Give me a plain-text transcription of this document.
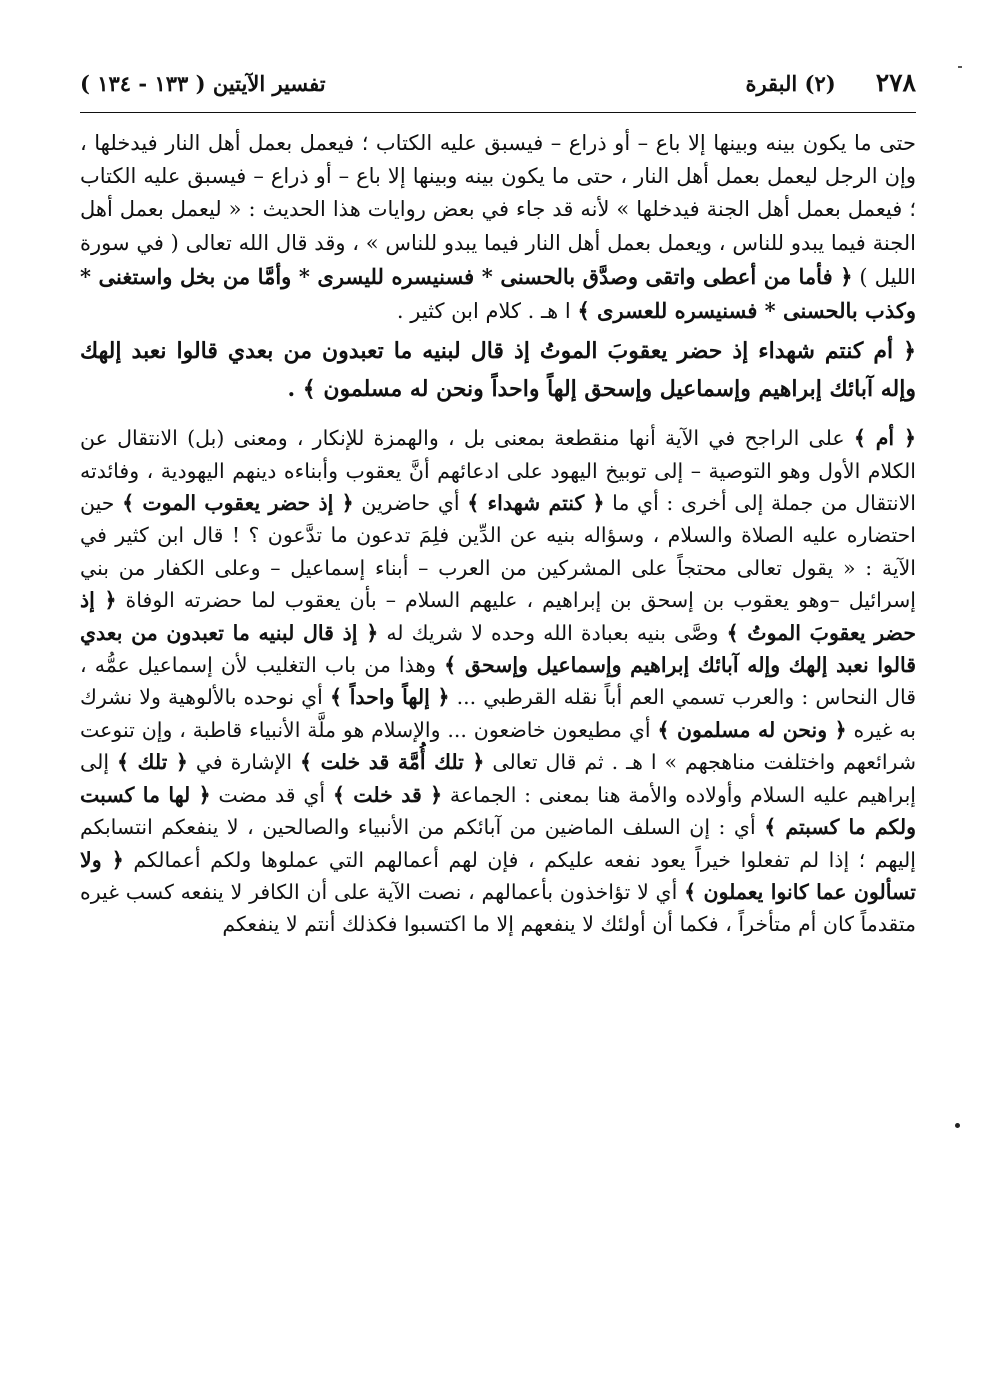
٢٧٨
(٢) البقرة
تفسير الآيتين ( ١٣٣ - ١٣٤ )

حتى ما يكون بينه وبينها إلا باع – أو ذراع – فيسبق عليه الكتاب ؛ فيعمل بعمل أهل النار فيدخلها ، وإن الرجل ليعمل بعمل أهل النار ، حتى ما يكون بينه وبينها إلا باع – أو ذراع – فيسبق عليه الكتاب ؛ فيعمل بعمل أهل الجنة فيدخلها » لأنه قد جاء في بعض روايات هذا الحديث : « ليعمل بعمل أهل الجنة فيما يبدو للناس ، ويعمل بعمل أهل النار فيما يبدو للناس » ، وقد قال الله تعالى ( في سورة الليل ) ﴿ فأما من أعطى واتقى وصدَّق بالحسنى * فسنيسره لليسرى * وأمَّا من بخل واستغنى * وكذب بالحسنى * فسنيسره للعسرى ﴾ ا هـ . كلام ابن كثير .

﴿ أم كنتم شهداء إذ حضر يعقوبَ الموتُ إذ قال لبنيه ما تعبدون من بعدي قالوا نعبد إلهك وإله آبائك إبراهيم وإسماعيل وإسحق إلهاً واحداً ونحن له مسلمون ﴾ .

﴿ أم ﴾ على الراجح في الآية أنها منقطعة بمعنى بل ، والهمزة للإنكار ، ومعنى (بل) الانتقال عن الكلام الأول وهو التوصية – إلى توبيخ اليهود على ادعائهم أنَّ يعقوب وأبناءه دينهم اليهودية ، وفائدته الانتقال من جملة إلى أخرى : أي ما ﴿ كنتم شهداء ﴾ أي حاضرين ﴿ إذ حضر يعقوب الموت ﴾ حين احتضاره عليه الصلاة والسلام ، وسؤاله بنيه عن الدِّين فلِمَ تدعون ما تدَّعون ؟ ! قال ابن كثير في الآية : « يقول تعالى محتجاً على المشركين من العرب – أبناء إسماعيل – وعلى الكفار من بني إسرائيل –وهو يعقوب بن إسحق بن إبراهيم ، عليهم السلام – بأن يعقوب لما حضرته الوفاة ﴿ إذ حضر يعقوبَ الموتُ ﴾ وصَّى بنيه بعبادة الله وحده لا شريك له ﴿ إذ قال لبنيه ما تعبدون من بعدي قالوا نعبد إلهك وإله آبائك إبراهيم وإسماعيل وإسحق ﴾ وهذا من باب التغليب لأن إسماعيل عمُّه ، قال النحاس : والعرب تسمي العم أباً نقله القرطبي ... ﴿ إلهاً واحداً ﴾ أي نوحده بالألوهية ولا نشرك به غيره ﴿ ونحن له مسلمون ﴾ أي مطيعون خاضعون ... والإسلام هو ملَّة الأنبياء قاطبة ، وإن تنوعت شرائعهم واختلفت مناهجهم » ا هـ . ثم قال تعالى ﴿ تلك أُمَّة قد خلت ﴾ الإشارة في ﴿ تلك ﴾ إلى إبراهيم عليه السلام وأولاده والأمة هنا بمعنى : الجماعة ﴿ قد خلت ﴾ أي قد مضت ﴿ لها ما كسبت ولكم ما كسبتم ﴾ أي : إن السلف الماضين من آبائكم من الأنبياء والصالحين ، لا ينفعكم انتسابكم إليهم ؛ إذا لم تفعلوا خيراً يعود نفعه عليكم ، فإن لهم أعمالهم التي عملوها ولكم أعمالكم ﴿ ولا تسألون عما كانوا يعملون ﴾ أي لا تؤاخذون بأعمالهم ، نصت الآية على أن الكافر لا ينفعه كسب غيره متقدماً كان أم متأخراً ، فكما أن أولئك لا ينفعهم إلا ما اكتسبوا فكذلك أنتم لا ينفعكم
